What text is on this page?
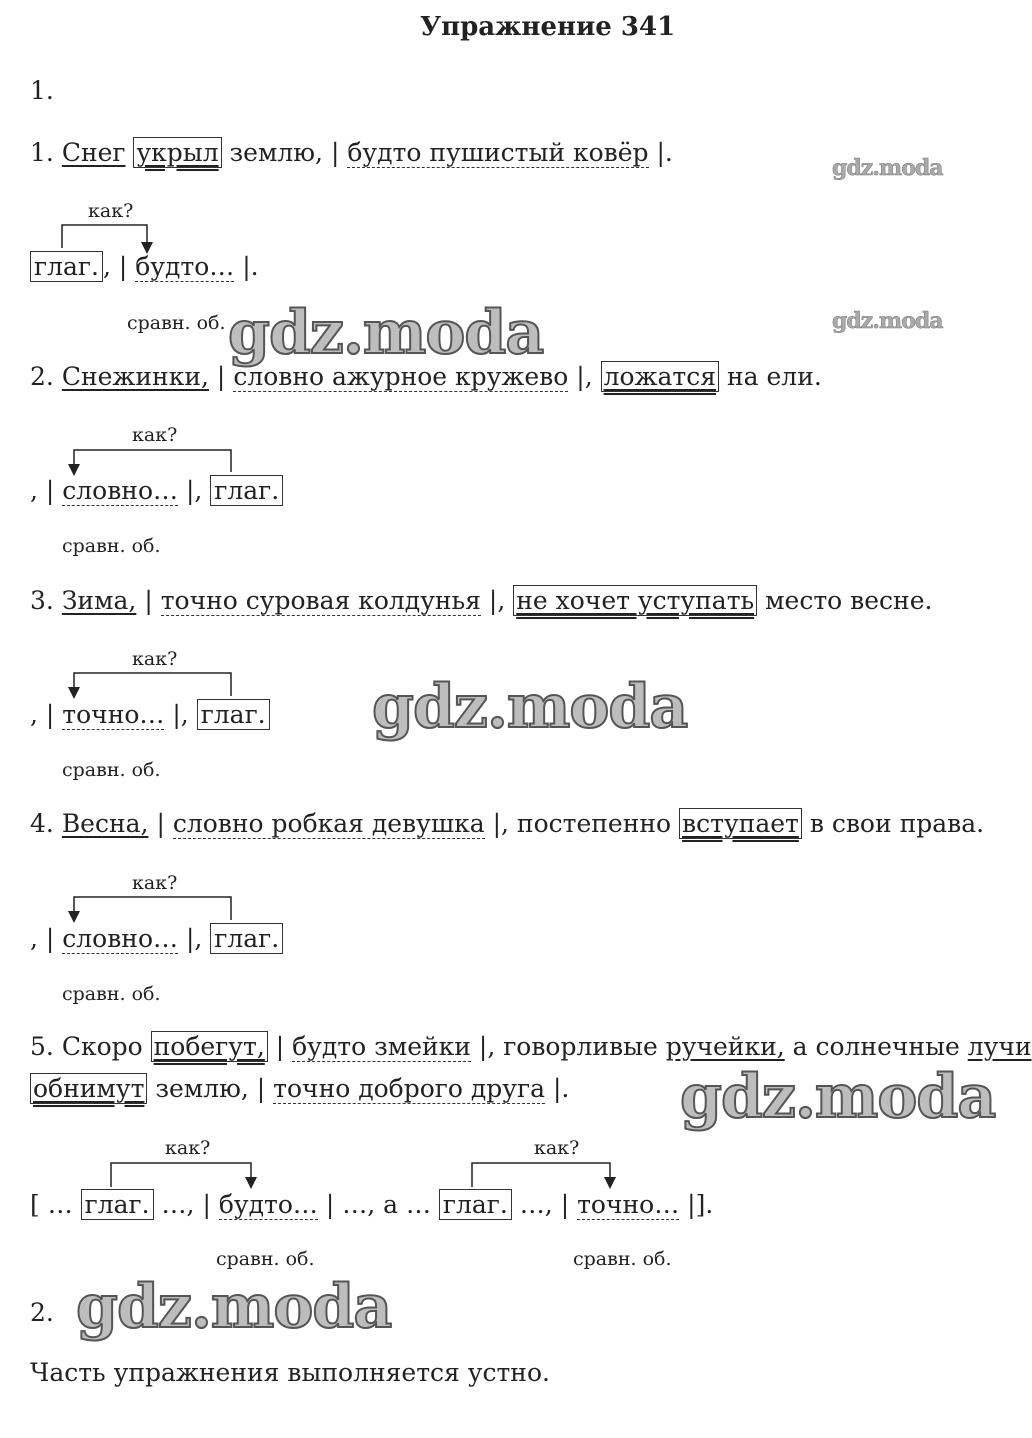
Упражнение 341
1.
1. Снег укрыл землю, | будто пушистый ковёр |.
как?
глаг. , | будто… |.
сравн. об.
2. Снежинки, | словно ажурное кружево |, ложатся на ели.
как?
, | словно… |, глаг.
сравн. об.
3. Зима, | точно суровая колдунья |, не хочет уступать место весне.
как?
, | точно… |, глаг.
сравн. об.
4. Весна, | словно робкая девушка |, постепенно вступает в свои права.
как?
, | словно… |, глаг.
сравн. об.
5. Скоро побегут, | будто змейки |, говорливые ручейки, а солнечные лучи
обнимут землю, | точно доброго друга |.
как?	как?
[ … глаг. …, | будто… | …, а … глаг. …, | точно… |].
сравн. об.	сравн. об.
2.
Часть упражнения выполняется устно.
gdz.moda
gdz.moda
gdz.moda
gdz.moda
gdz.moda
gdz.moda
